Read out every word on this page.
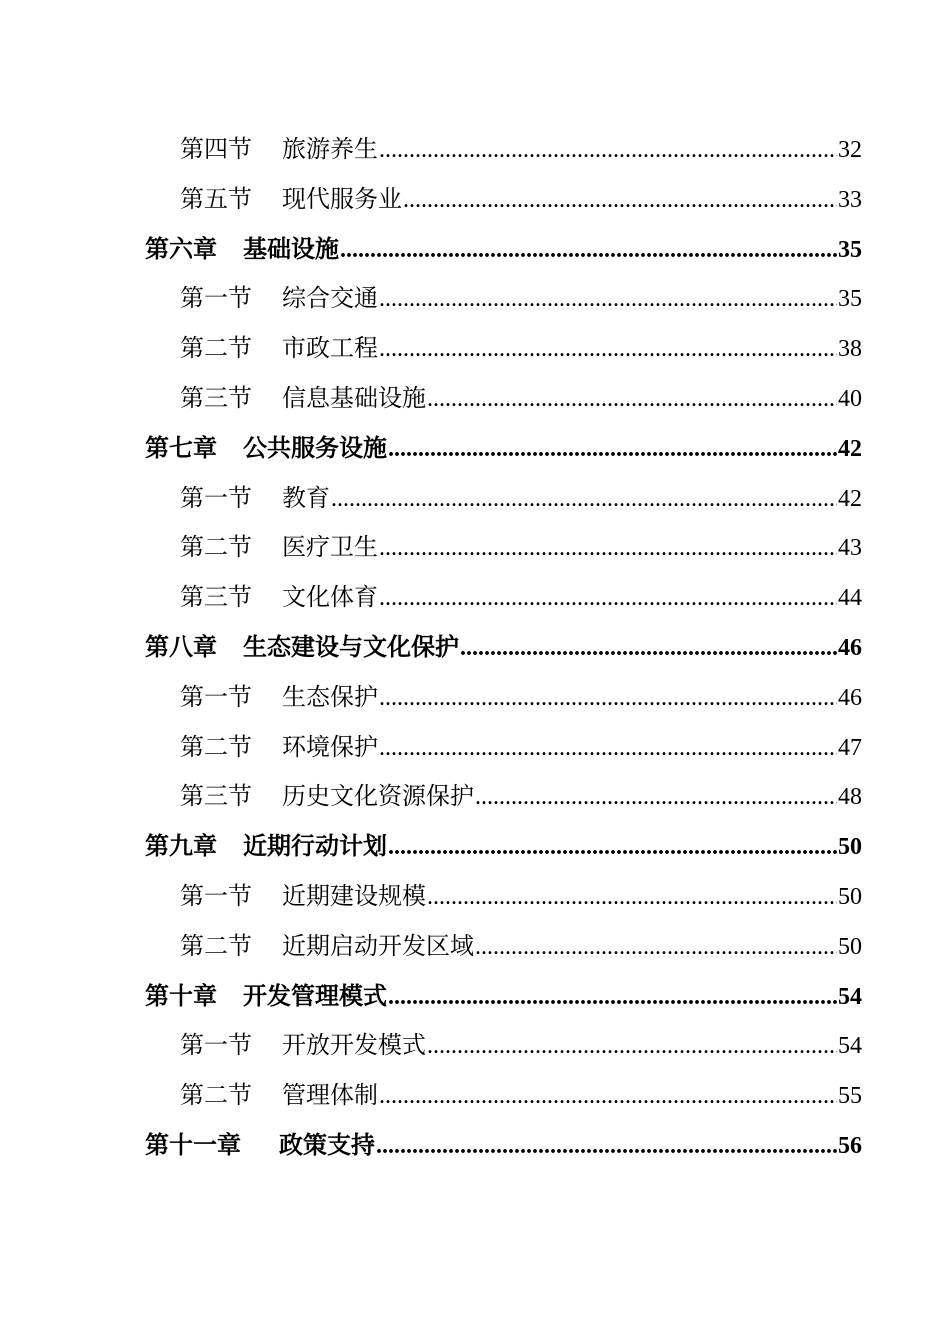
第四节 旅游养生 .....	32
第五节 现代服务业 .....	33
第六章 基础设施 .....	35
第一节 综合交通 .....	35
第二节 市政工程 .....	38
第三节 信息基础设施 .....	40
第七章 公共服务设施 .....	42
第一节 教育 .....	42
第二节 医疗卫生 .....	43
第三节 文化体育 .....	44
第八章 生态建设与文化保护 .....	46
第一节 生态保护 .....	46
第二节 环境保护 .....	47
第三节 历史文化资源保护 .....	48
第九章 近期行动计划 .....	50
第一节 近期建设规模 .....	50
第二节 近期启动开发区域 .....	50
第十章 开发管理模式 .....	54
第一节 开放开发模式 .....	54
第二节 管理体制 .....	55
第十一章 政策支持 .....	56
